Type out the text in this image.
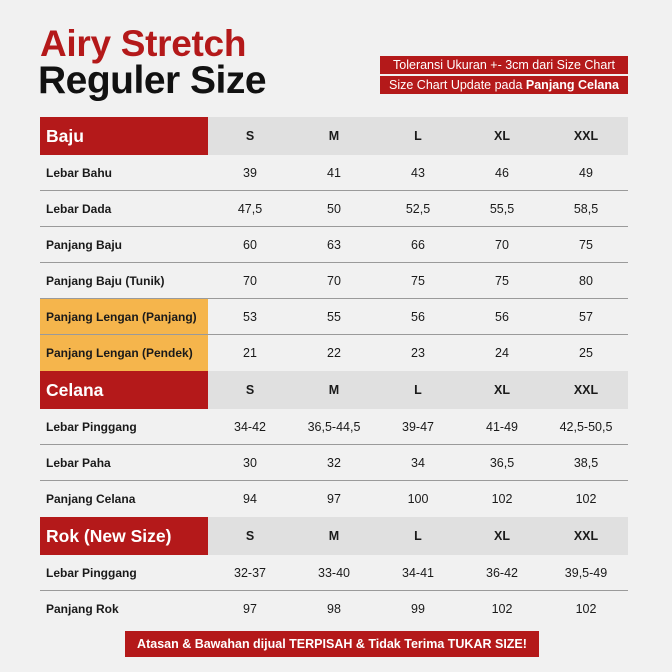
Airy Stretch
Reguler Size	Toleransi Ukuran +- 3cm dari Size Chart
Size Chart Update pada Panjang Celana
Baju	S	M	L	XL	XXL
Lebar Bahu	39	41	43	46	49
Lebar Dada	47,5	50	52,5	55,5	58,5
Panjang Baju	60	63	66	70	75
Panjang Baju (Tunik)	70	70	75	75	80
Panjang Lengan (Panjang)	53	55	56	56	57
Panjang Lengan (Pendek)	21	22	23	24	25
Celana	S	M	L	XL	XXL
Lebar Pinggang	34-42	36,5-44,5	39-47	41-49	42,5-50,5
Lebar Paha	30	32	34	36,5	38,5
Panjang Celana	94	97	100	102	102
Rok (New Size)	S	M	L	XL	XXL
Lebar Pinggang	32-37	33-40	34-41	36-42	39,5-49
Panjang Rok	97	98	99	102	102
Atasan & Bawahan dijual TERPISAH & Tidak Terima TUKAR SIZE!
